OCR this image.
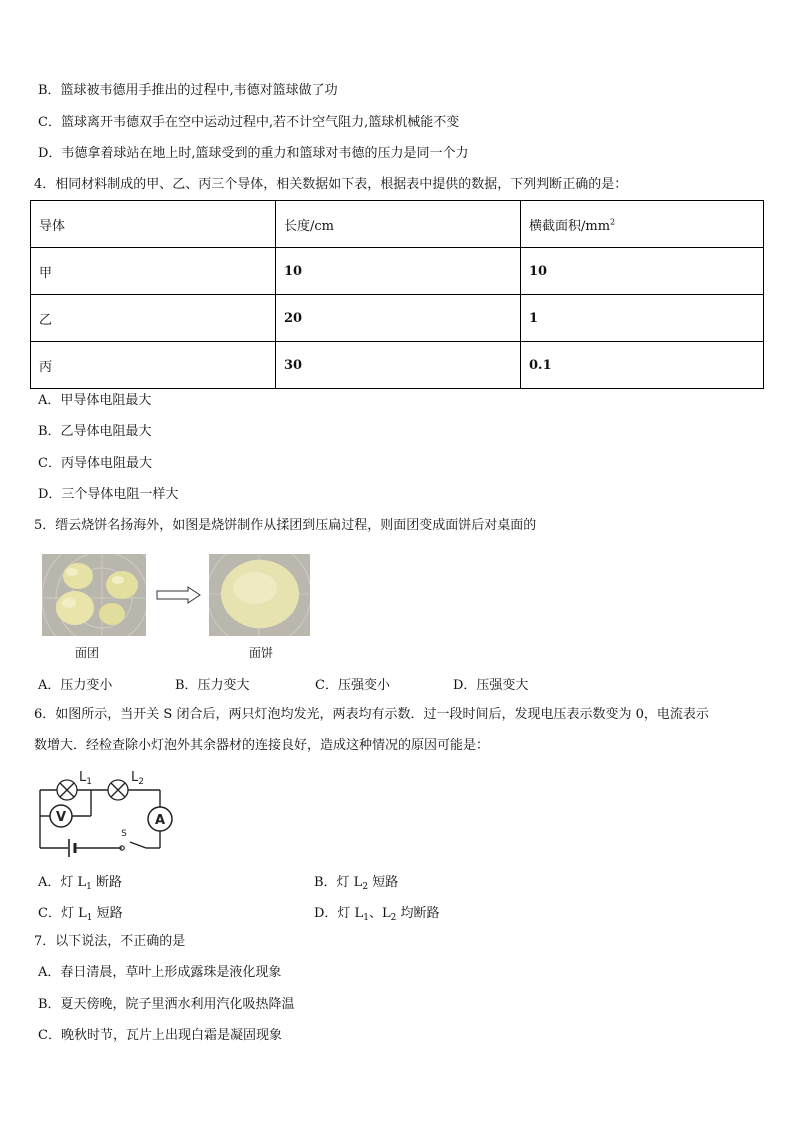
B．篮球被韦德用手推出的过程中,韦德对篮球做了功
C．篮球离开韦德双手在空中运动过程中,若不计空气阻力,篮球机械能不变
D．韦德拿着球站在地上时,篮球受到的重力和篮球对韦德的压力是同一个力
4．相同材料制成的甲、乙、丙三个导体，相关数据如下表，根据表中提供的数据，下列判断正确的是：
导体	长度/cm	横截面积$/mm^2$
甲	10	10
乙	20	1
丙	30	0.1
A．甲导体电阻最大
B．乙导体电阻最大
C．丙导体电阻最大
D．三个导体电阻一样大
5．缙云烧饼名扬海外，如图是烧饼制作从揉团到压扁过程，则面团变成面饼后对桌面的
面团	面饼
A．压力变小	B．压力变大	C．压强变小	D．压强变大
6．如图所示，当开关 S 闭合后，两只灯泡均发光，两表均有示数．过一段时间后，发现电压表示数变为 0，电流表示
数增大．经检查除小灯泡外其余器材的连接良好，造成这种情况的原因可能是：
V	A
S
$L_1$	$L_2$
A．灯 $L_1$ 断路	B．灯 $L_2$ 短路
C．灯 $L_1$ 短路	D．灯 $L_1$、$L_2$ 均断路
7．以下说法，不正确的是
A．春日清晨，草叶上形成露珠是液化现象
B．夏天傍晚，院子里洒水利用汽化吸热降温
C．晚秋时节，瓦片上出现白霜是凝固现象
